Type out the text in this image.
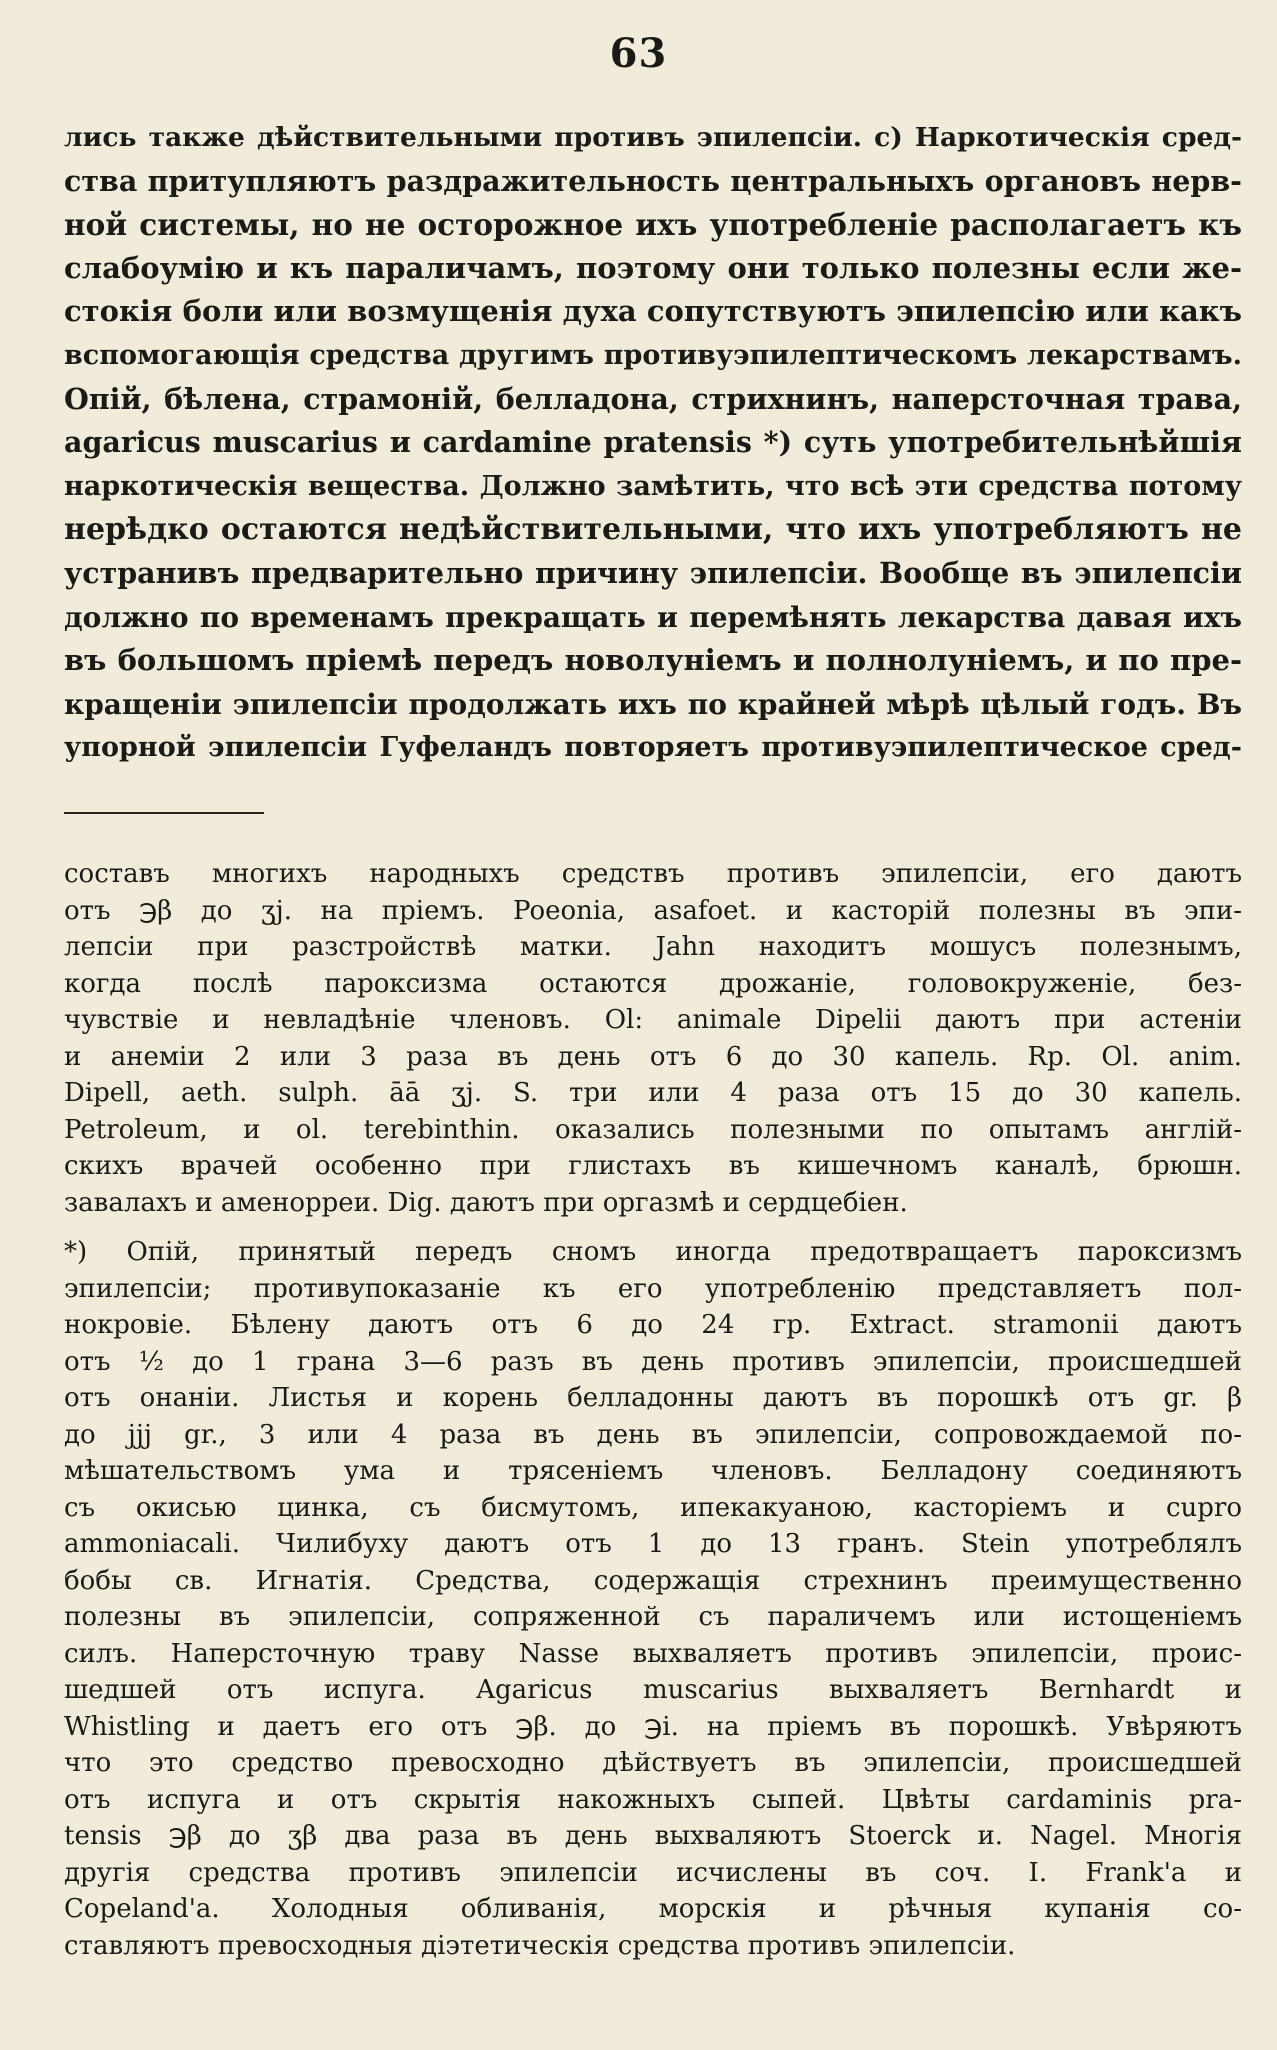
63
лись также дѣйствительными противъ эпилепсіи. с) Наркотическія сред-
ства притупляютъ раздражительность центральныхъ органовъ нерв-
ной системы, но не осторожное ихъ употребленіе располагаетъ къ
слабоумію и къ параличамъ, поэтому они только полезны если же-
стокія боли или возмущенія духа сопутствуютъ эпилепсію или какъ
вспомогающія средства другимъ противуэпилептическомъ лекарствамъ.
Опій, бѣлена, страмоній, белладона, стрихнинъ, наперсточная трава,
agaricus muscarius и cardamine pratensis *) суть употребительнѣйшія
наркотическія вещества. Должно замѣтить, что всѣ эти средства потому
нерѣдко остаются недѣйствительными, что ихъ употребляютъ не
устранивъ предварительно причину эпилепсіи. Вообще въ эпилепсіи
должно по временамъ прекращать и перемѣнять лекарства давая ихъ
въ большомъ пріемѣ передъ новолуніемъ и полнолуніемъ, и по пре-
кращеніи эпилепсіи продолжать ихъ по крайней мѣрѣ цѣлый годъ. Въ
упорной эпилепсіи Гуфеландъ повторяетъ противуэпилептическое сред-
составъ многихъ народныхъ средствъ противъ эпилепсіи, его даютъ
отъ ℈β до ʒj. на пріемъ. Poeonia, asafoet. и касторій полезны въ эпи-
лепсіи при разстройствѣ матки. Jahn находитъ мошусъ полезнымъ,
когда послѣ пароксизма остаются дрожаніе, головокруженіе, без-
чувствіе и невладѣніе членовъ. Ol: animale Dipelii даютъ при астеніи
и анеміи 2 или 3 раза въ день отъ 6 до 30 капель. Rp. Ol. anim.
Dipell, aeth. sulph. āā ʒj. S. три или 4 раза отъ 15 до 30 капель.
Petroleum, и ol. terebinthin. оказались полезными по опытамъ англій-
скихъ врачей особенно при глистахъ въ кишечномъ каналѣ, брюшн.
завалахъ и аменорреи. Dig. даютъ при оргазмѣ и сердцебіен.
*) Опій, принятый передъ сномъ иногда предотвращаетъ пароксизмъ
эпилепсіи; противупоказаніе къ его употребленію представляетъ пол-
нокровіе. Бѣлену даютъ отъ 6 до 24 гр. Extract. stramonii даютъ
отъ ½ до 1 грана 3—6 разъ въ день противъ эпилепсіи, происшедшей
отъ онаніи. Листья и корень белладонны даютъ въ порошкѣ отъ gr. β
до jjj gr., 3 или 4 раза въ день въ эпилепсіи, сопровождаемой по-
мѣшательствомъ ума и трясеніемъ членовъ. Белладону соединяютъ
съ окисью цинка, съ бисмутомъ, ипекакуаною, касторіемъ и сupro
ammoniacali. Чилибуху даютъ отъ 1 до 13 гранъ. Stein употреблялъ
бобы св. Игнатія. Средства, содержащія стрехнинъ преимущественно
полезны въ эпилепсіи, сопряженной съ параличемъ или истощеніемъ
силъ. Наперсточную траву Nasse выхваляетъ противъ эпилепсіи, проис-
шедшей отъ испуга. Agaricus muscarius выхваляетъ Bernhardt и
Whistling и даетъ его отъ ℈β. до ℈i. на пріемъ въ порошкѣ. Увѣряютъ
что это средство превосходно дѣйствуетъ въ эпилепсіи, происшедшей
отъ испуга и отъ скрытія накожныхъ сыпей. Цвѣты cardaminis pra-
tensis ℈β до ʒβ два раза въ день выхваляютъ Stoerck и. Nagel. Многія
другія средства противъ эпилепсіи исчислены въ соч. I. Frank'a и
Copeland'a. Холодныя обливанія, морскія и рѣчныя купанія со-
ставляютъ превосходныя діэтетическія средства противъ эпилепсіи.
